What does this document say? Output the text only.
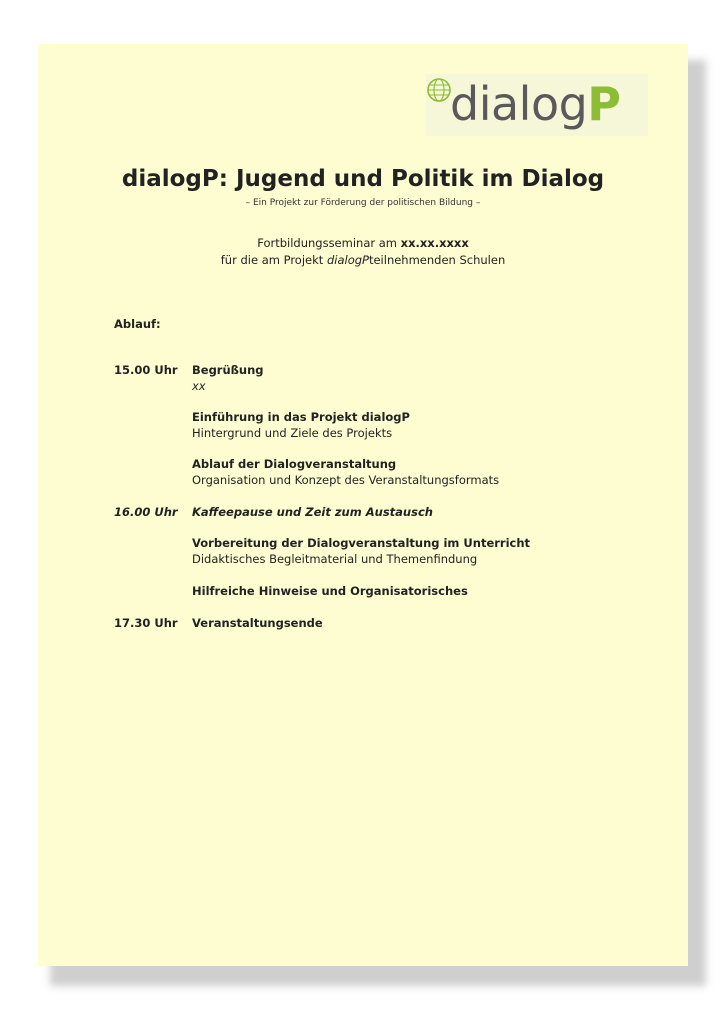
dialogP
dialogP: Jugend und Politik im Dialog
– Ein Projekt zur Förderung der politischen Bildung –
Fortbildungsseminar am xx.xx.xxxx
für die am Projekt dialogPteilnehmenden Schulen
Ablauf:
15.00 Uhr	Begrüßung
xx
Einführung in das Projekt dialogP
Hintergrund und Ziele des Projekts
Ablauf der Dialogveranstaltung
Organisation und Konzept des Veranstaltungsformats
16.00 Uhr	Kaffeepause und Zeit zum Austausch
Vorbereitung der Dialogveranstaltung im Unterricht
Didaktisches Begleitmaterial und Themenfindung
Hilfreiche Hinweise und Organisatorisches
17.30 Uhr	Veranstaltungsende
